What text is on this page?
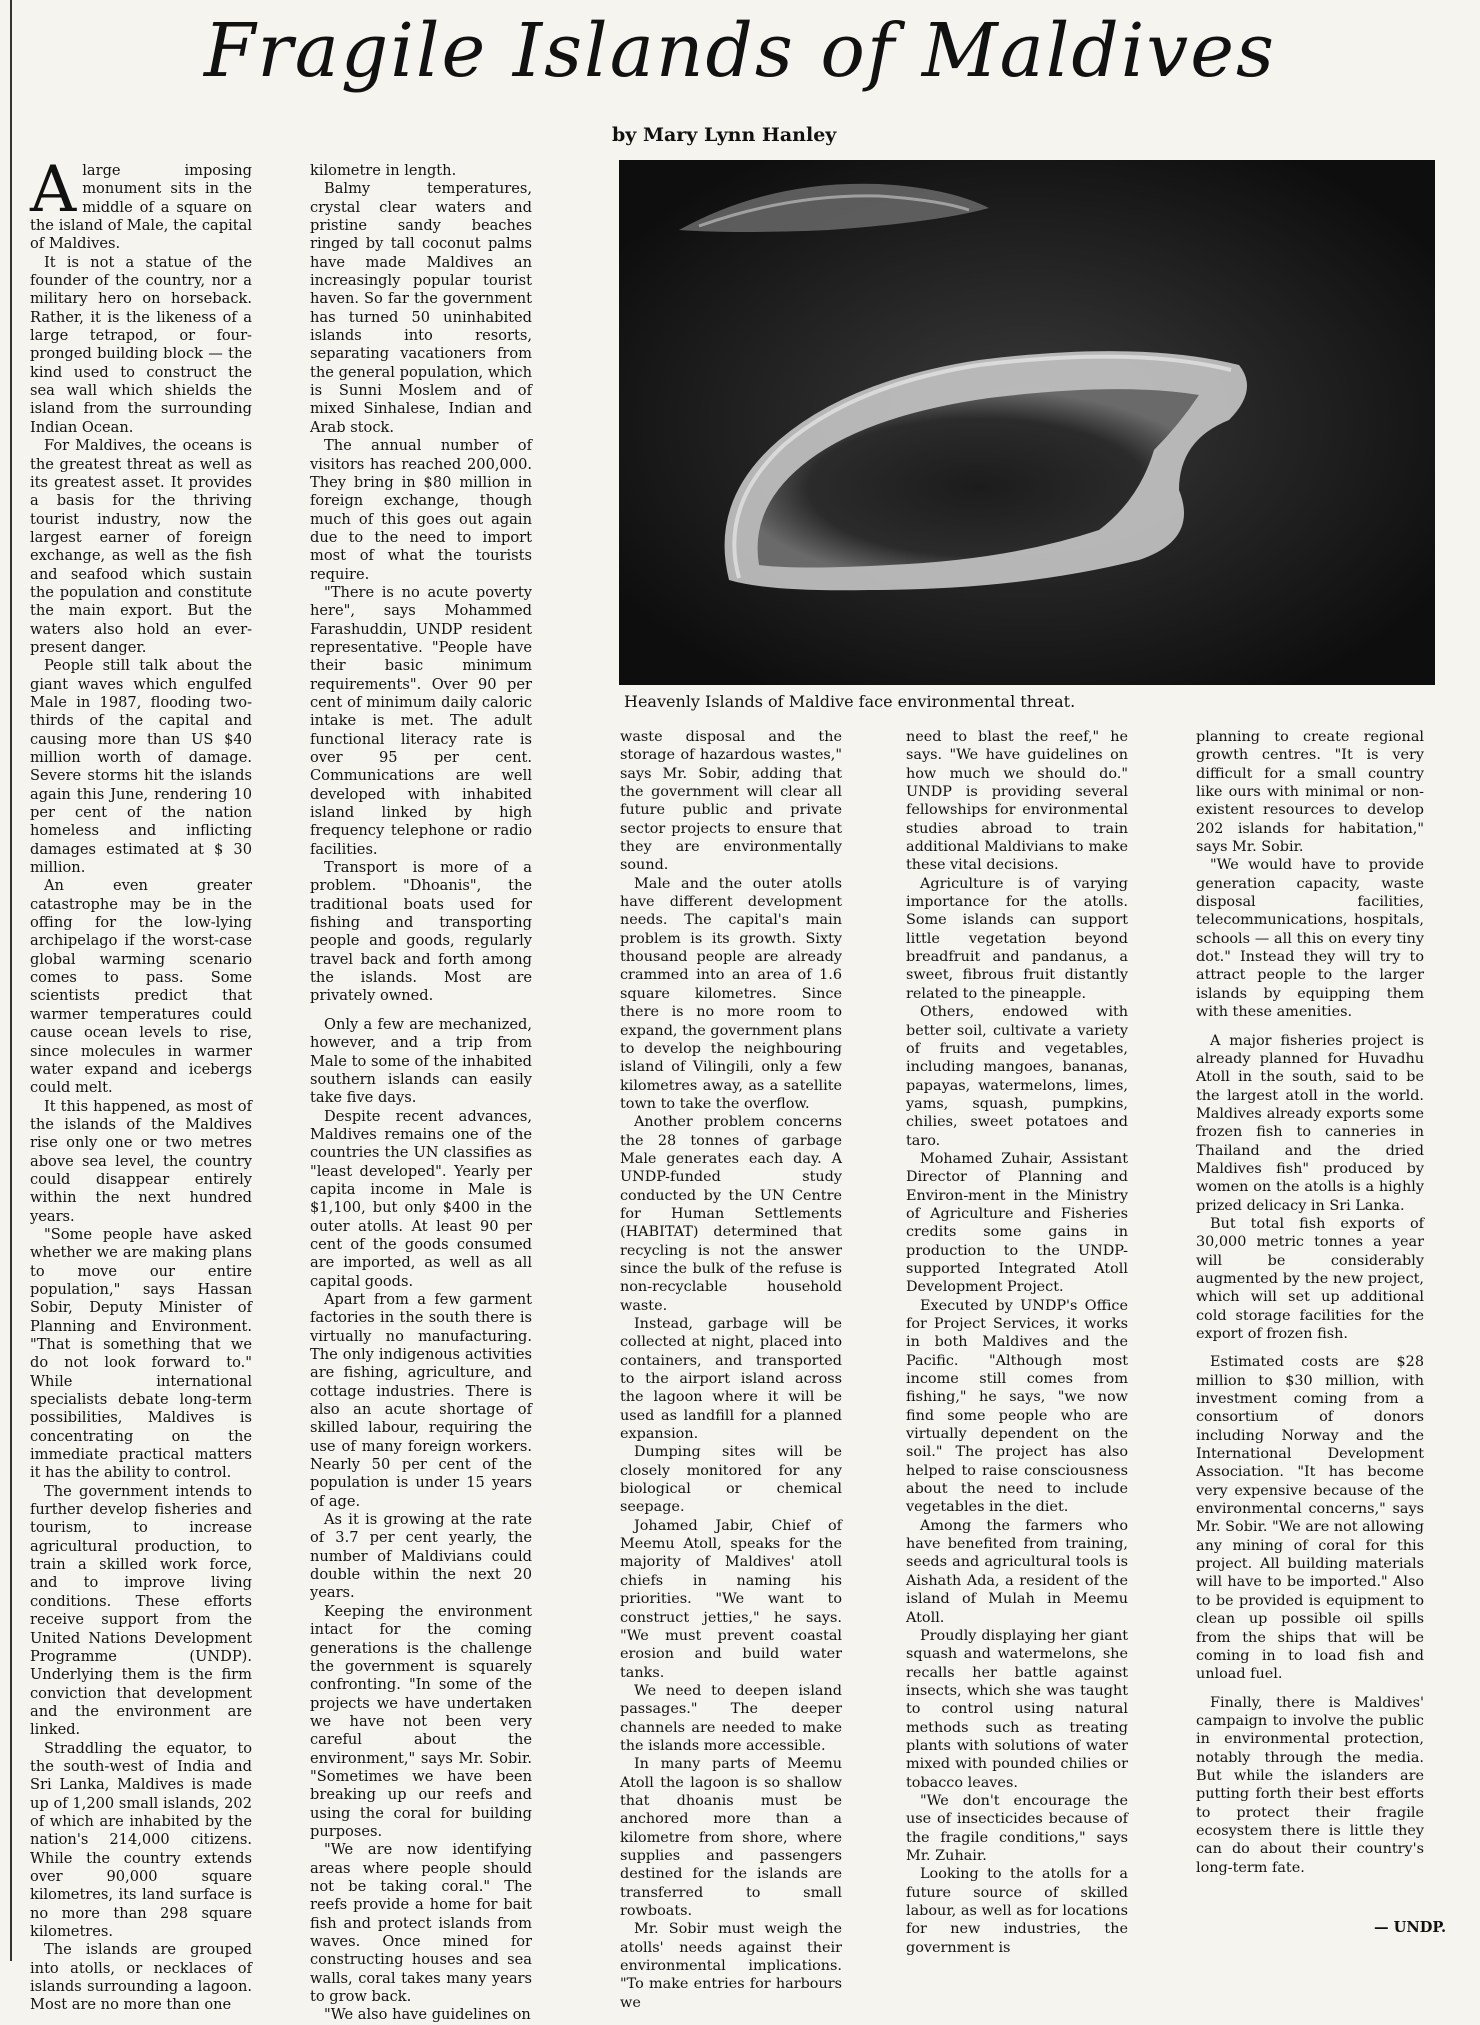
Fragile Islands of Maldives

by Mary Lynn Hanley

Heavenly Islands of Maldive face environmental threat.

Alarge imposing monument sits in the middle of a square on the island of Male, the capital of Maldives.

It is not a statue of the founder of the country, nor a military hero on horseback. Rather, it is the likeness of a large tetrapod, or four-pronged building block — the kind used to construct the sea wall which shields the island from the surrounding Indian Ocean.

For Maldives, the oceans is the greatest threat as well as its greatest asset. It provides a basis for the thriving tourist industry, now the largest earner of foreign exchange, as well as the fish and seafood which sustain the population and constitute the main export. But the waters also hold an ever-present danger.

People still talk about the giant waves which engulfed Male in 1987, flooding two-thirds of the capital and causing more than US $40 million worth of damage. Severe storms hit the islands again this June, rendering 10 per cent of the nation homeless and inflicting damages estimated at $ 30 million.

An even greater catastrophe may be in the offing for the low-lying archipelago if the worst-case global warming scenario comes to pass. Some scientists predict that warmer temperatures could cause ocean levels to rise, since molecules in warmer water expand and icebergs could melt.

It this happened, as most of the islands of the Maldives rise only one or two metres above sea level, the country could disappear entirely within the next hundred years.

"Some people have asked whether we are making plans to move our entire population," says Hassan Sobir, Deputy Minister of Planning and Environment. "That is something that we do not look forward to." While international specialists debate long-term possibilities, Maldives is concentrating on the immediate practical matters it has the ability to control.

The government intends to further develop fisheries and tourism, to increase agricultural production, to train a skilled work force, and to improve living conditions. These efforts receive support from the United Nations Development Programme (UNDP). Underlying them is the firm conviction that development and the environment are linked.

Straddling the equator, to the south-west of India and Sri Lanka, Maldives is made up of 1,200 small islands, 202 of which are inhabited by the nation's 214,000 citizens. While the country extends over 90,000 square kilometres, its land surface is no more than 298 square kilometres.

The islands are grouped into atolls, or necklaces of islands surrounding a lagoon. Most are no more than one

kilometre in length.

Balmy temperatures, crystal clear waters and pristine sandy beaches ringed by tall coconut palms have made Maldives an increasingly popular tourist haven. So far the government has turned 50 uninhabited islands into resorts, separating vacationers from the general population, which is Sunni Moslem and of mixed Sinhalese, Indian and Arab stock.

The annual number of visitors has reached 200,000. They bring in $80 million in foreign exchange, though much of this goes out again due to the need to import most of what the tourists require.

"There is no acute poverty here", says Mohammed Farashuddin, UNDP resident representative. "People have their basic minimum requirements". Over 90 per cent of minimum daily caloric intake is met. The adult functional literacy rate is over 95 per cent. Communications are well developed with inhabited island linked by high frequency telephone or radio facilities.

Transport is more of a problem. "Dhoanis", the traditional boats used for fishing and transporting people and goods, regularly travel back and forth among the islands. Most are privately owned.

Only a few are mechanized, however, and a trip from Male to some of the inhabited southern islands can easily take five days.

Despite recent advances, Maldives remains one of the countries the UN classifies as "least developed". Yearly per capita income in Male is $1,100, but only $400 in the outer atolls. At least 90 per cent of the goods consumed are imported, as well as all capital goods.

Apart from a few garment factories in the south there is virtually no manufacturing. The only indigenous activities are fishing, agriculture, and cottage industries. There is also an acute shortage of skilled labour, requiring the use of many foreign workers. Nearly 50 per cent of the population is under 15 years of age.

As it is growing at the rate of 3.7 per cent yearly, the number of Maldivians could double within the next 20 years.

Keeping the environment intact for the coming generations is the challenge the government is squarely confronting. "In some of the projects we have undertaken we have not been very careful about the environment," says Mr. Sobir. "Sometimes we have been breaking up our reefs and using the coral for building purposes.

"We are now identifying areas where people should not be taking coral." The reefs provide a home for bait fish and protect islands from waves. Once mined for constructing houses and sea walls, coral takes many years to grow back.

"We also have guidelines on

waste disposal and the storage of hazardous wastes," says Mr. Sobir, adding that the government will clear all future public and private sector projects to ensure that they are environmentally sound.

Male and the outer atolls have different development needs. The capital's main problem is its growth. Sixty thousand people are already crammed into an area of 1.6 square kilometres. Since there is no more room to expand, the government plans to develop the neighbouring island of Vilingili, only a few kilometres away, as a satellite town to take the overflow.

Another problem concerns the 28 tonnes of garbage Male generates each day. A UNDP-funded study conducted by the UN Centre for Human Settlements (HABITAT) determined that recycling is not the answer since the bulk of the refuse is non-recyclable household waste.

Instead, garbage will be collected at night, placed into containers, and transported to the airport island across the lagoon where it will be used as landfill for a planned expansion.

Dumping sites will be closely monitored for any biological or chemical seepage.

Johamed Jabir, Chief of Meemu Atoll, speaks for the majority of Maldives' atoll chiefs in naming his priorities. "We want to construct jetties," he says. "We must prevent coastal erosion and build water tanks.

We need to deepen island passages." The deeper channels are needed to make the islands more accessible.

In many parts of Meemu Atoll the lagoon is so shallow that dhoanis must be anchored more than a kilometre from shore, where supplies and passengers destined for the islands are transferred to small rowboats.

Mr. Sobir must weigh the atolls' needs against their environmental implications. "To make entries for harbours we

need to blast the reef," he says. "We have guidelines on how much we should do." UNDP is providing several fellowships for environmental studies abroad to train additional Maldivians to make these vital decisions.

Agriculture is of varying importance for the atolls. Some islands can support little vegetation beyond breadfruit and pandanus, a sweet, fibrous fruit distantly related to the pineapple.

Others, endowed with better soil, cultivate a variety of fruits and vegetables, including mangoes, bananas, papayas, watermelons, limes, yams, squash, pumpkins, chilies, sweet potatoes and taro.

Mohamed Zuhair, Assistant Director of Planning and Environ-ment in the Ministry of Agriculture and Fisheries credits some gains in production to the UNDP-supported Integrated Atoll Development Project.

Executed by UNDP's Office for Project Services, it works in both Maldives and the Pacific. "Although most income still comes from fishing," he says, "we now find some people who are virtually dependent on the soil." The project has also helped to raise consciousness about the need to include vegetables in the diet.

Among the farmers who have benefited from training, seeds and agricultural tools is Aishath Ada, a resident of the island of Mulah in Meemu Atoll.

Proudly displaying her giant squash and watermelons, she recalls her battle against insects, which she was taught to control using natural methods such as treating plants with solutions of water mixed with pounded chilies or tobacco leaves.

"We don't encourage the use of insecticides because of the fragile conditions," says Mr. Zuhair.

Looking to the atolls for a future source of skilled labour, as well as for locations for new industries, the government is

planning to create regional growth centres. "It is very difficult for a small country like ours with minimal or non-existent resources to develop 202 islands for habitation," says Mr. Sobir.

"We would have to provide generation capacity, waste disposal facilities, telecommunications, hospitals, schools — all this on every tiny dot." Instead they will try to attract people to the larger islands by equipping them with these amenities.

A major fisheries project is already planned for Huvadhu Atoll in the south, said to be the largest atoll in the world. Maldives already exports some frozen fish to canneries in Thailand and the dried Maldives fish" produced by women on the atolls is a highly prized delicacy in Sri Lanka.

But total fish exports of 30,000 metric tonnes a year will be considerably augmented by the new project, which will set up additional cold storage facilities for the export of frozen fish.

Estimated costs are $28 million to $30 million, with investment coming from a consortium of donors including Norway and the International Development Association. "It has become very expensive because of the environmental concerns," says Mr. Sobir. "We are not allowing any mining of coral for this project. All building materials will have to be imported." Also to be provided is equipment to clean up possible oil spills from the ships that will be coming in to load fish and unload fuel.

Finally, there is Maldives' campaign to involve the public in environmental protection, notably through the media. But while the islanders are putting forth their best efforts to protect their fragile ecosystem there is little they can do about their country's long-term fate.

— UNDP.
